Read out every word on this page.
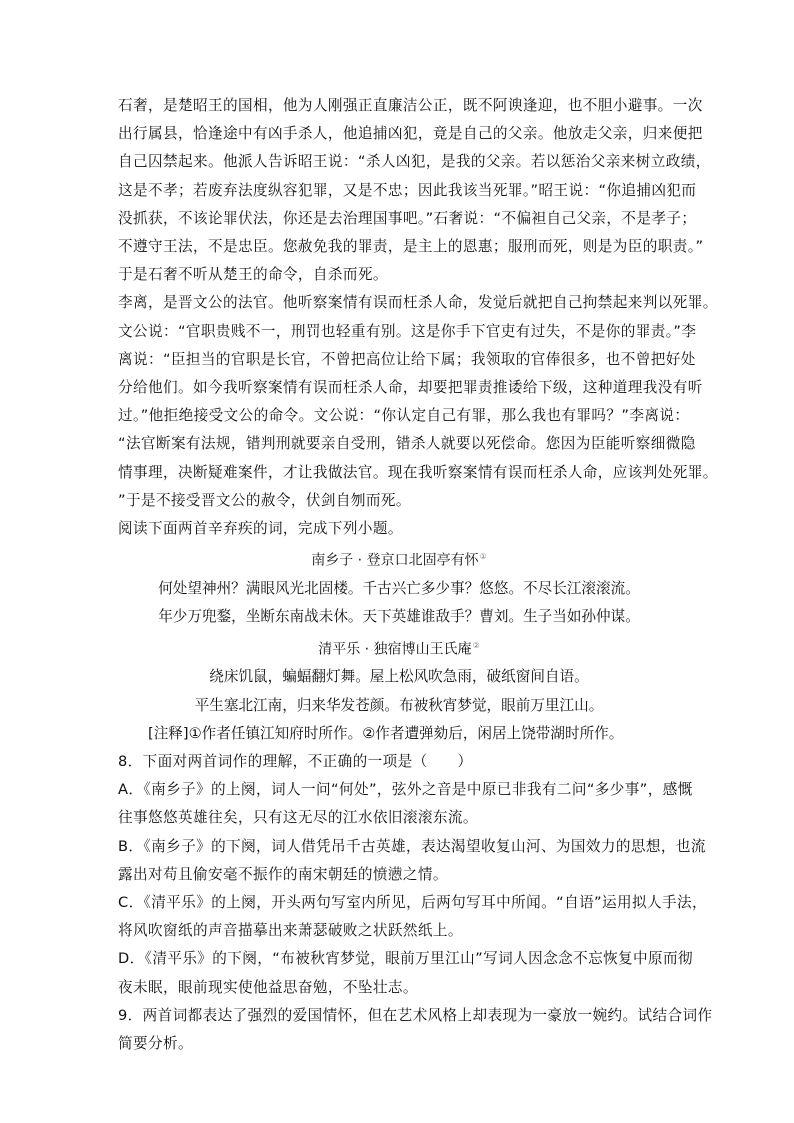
石奢，是楚昭王的国相，他为人刚强正直廉洁公正，既不阿谀逢迎，也不胆小避事。一次

出行属县，恰逢途中有凶手杀人，他追捕凶犯，竟是自己的父亲。他放走父亲，归来便把

自己囚禁起来。他派人告诉昭王说：“杀人凶犯，是我的父亲。若以惩治父亲来树立政绩，

这是不孝；若废弃法度纵容犯罪，又是不忠；因此我该当死罪。”昭王说：“你追捕凶犯而

没抓获，不该论罪伏法，你还是去治理国事吧。”石奢说：“不偏袒自己父亲，不是孝子；

不遵守王法，不是忠臣。您赦免我的罪责，是主上的恩惠；服刑而死，则是为臣的职责。”

于是石奢不听从楚王的命令，自杀而死。

李离，是晋文公的法官。他听察案情有误而枉杀人命，发觉后就把自己拘禁起来判以死罪。

文公说：“官职贵贱不一，刑罚也轻重有别。这是你手下官吏有过失，不是你的罪责。”李

离说：“臣担当的官职是长官，不曾把高位让给下属；我领取的官俸很多，也不曾把好处

分给他们。如今我听察案情有误而枉杀人命，却要把罪责推诿给下级，这种道理我没有听

过。”他拒绝接受文公的命令。文公说：“你认定自己有罪，那么我也有罪吗？”李离说：

“法官断案有法规，错判刑就要亲自受刑，错杀人就要以死偿命。您因为臣能听察细微隐

情事理，决断疑难案件，才让我做法官。现在我听察案情有误而枉杀人命，应该判处死罪。

”于是不接受晋文公的赦令，伏剑自刎而死。

阅读下面两首辛弃疾的词，完成下列小题。

南乡子 · 登京口北固亭有怀①

何处望神州？满眼风光北固楼。千古兴亡多少事？悠悠。不尽长江滚滚流。

年少万兜鍪，坐断东南战未休。天下英雄谁敌手？曹刘。生子当如孙仲谋。

清平乐 · 独宿博山王氏庵②

绕床饥鼠，蝙蝠翻灯舞。屋上松风吹急雨，破纸窗间自语。

平生塞北江南，归来华发苍颜。布被秋宵梦觉，眼前万里江山。

[注释]①作者任镇江知府时所作。②作者遭弹劾后，闲居上饶带湖时所作。

8．下面对两首词作的理解，不正确的一项是（　　）

A．《南乡子》的上阕，词人一问“何处”，弦外之音是中原已非我有二问“多少事”，感慨

往事悠悠英雄往矣，只有这无尽的江水依旧滚滚东流。

B．《南乡子》的下阕，词人借凭吊千古英雄，表达渴望收复山河、为国效力的思想，也流

露出对苟且偷安毫不振作的南宋朝廷的愤懑之情。

C．《清平乐》的上阕，开头两句写室内所见，后两句写耳中所闻。“自语”运用拟人手法，

将风吹窗纸的声音描摹出来萧瑟破败之状跃然纸上。

D．《清平乐》的下阕，“布被秋宵梦觉，眼前万里江山”写词人因念念不忘恢复中原而彻

夜未眠，眼前现实使他益思奋勉，不坠壮志。

9．两首词都表达了强烈的爱国情怀，但在艺术风格上却表现为一豪放一婉约。试结合词作

简要分析。
